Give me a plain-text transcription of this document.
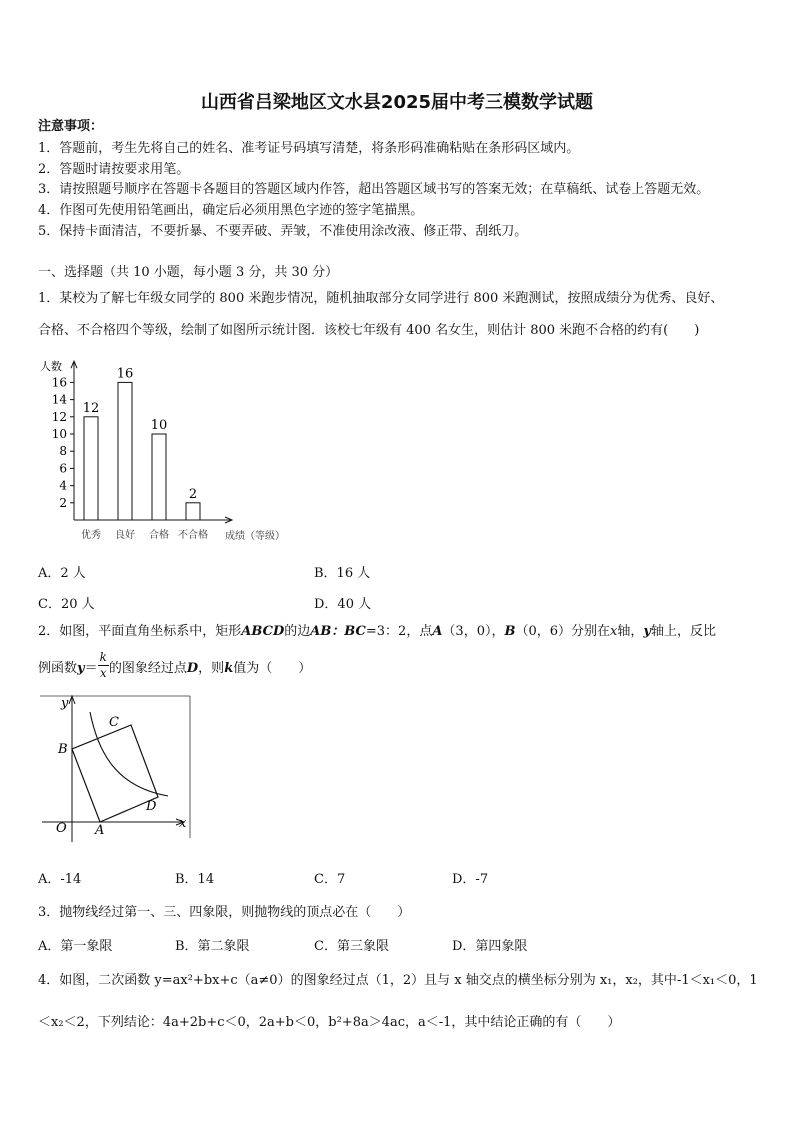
山西省吕梁地区文水县2025届中考三模数学试题
注意事项：
1．答题前，考生先将自己的姓名、准考证号码填写清楚，将条形码准确粘贴在条形码区域内。
2．答题时请按要求用笔。
3．请按照题号顺序在答题卡各题目的答题区域内作答，超出答题区域书写的答案无效；在草稿纸、试卷上答题无效。
4．作图可先使用铅笔画出，确定后必须用黑色字迹的签字笔描黑。
5．保持卡面清洁，不要折暴、不要弄破、弄皱，不准使用涂改液、修正带、刮纸刀。
一、选择题（共 10 小题，每小题 3 分，共 30 分）
1．某校为了解七年级女同学的 800 米跑步情况，随机抽取部分女同学进行 800 米跑测试，按照成绩分为优秀、良好、
合格、不合格四个等级，绘制了如图所示统计图．该校七年级有 400 名女生，则估计 800 米跑不合格的约有(　　)
人数
2
4
6
8
10
12
14
16
12
优秀
16
良好
10
合格
2
不合格 成绩（等级）
A．2 人	B．16 人
C．20 人	D．40 人
2．如图，平面直角坐标系中，矩形ABCD的边AB：BC=3：2，点A（3，0），B（0，6）分别在x轴，y轴上，反比
例函数$y= \frac{k}{x}$ 的图象经过点D，则k值为（　　）
y
x
O A
B
C
D
A．-14	B．14	C．7	D．-7
3．抛物线经过第一、三、四象限，则抛物线的顶点必在（　　）
A．第一象限	B．第二象限	C．第三象限	D．第四象限
4．如图，二次函数 y=ax²+bx+c（a≠0）的图象经过点（1，2）且与 x 轴交点的横坐标分别为 x₁，x₂，其中-1＜x₁＜0，1
＜x₂＜2，下列结论：4a+2b+c＜0，2a+b＜0，b²+8a＞4ac，a＜-1，其中结论正确的有（　　）
